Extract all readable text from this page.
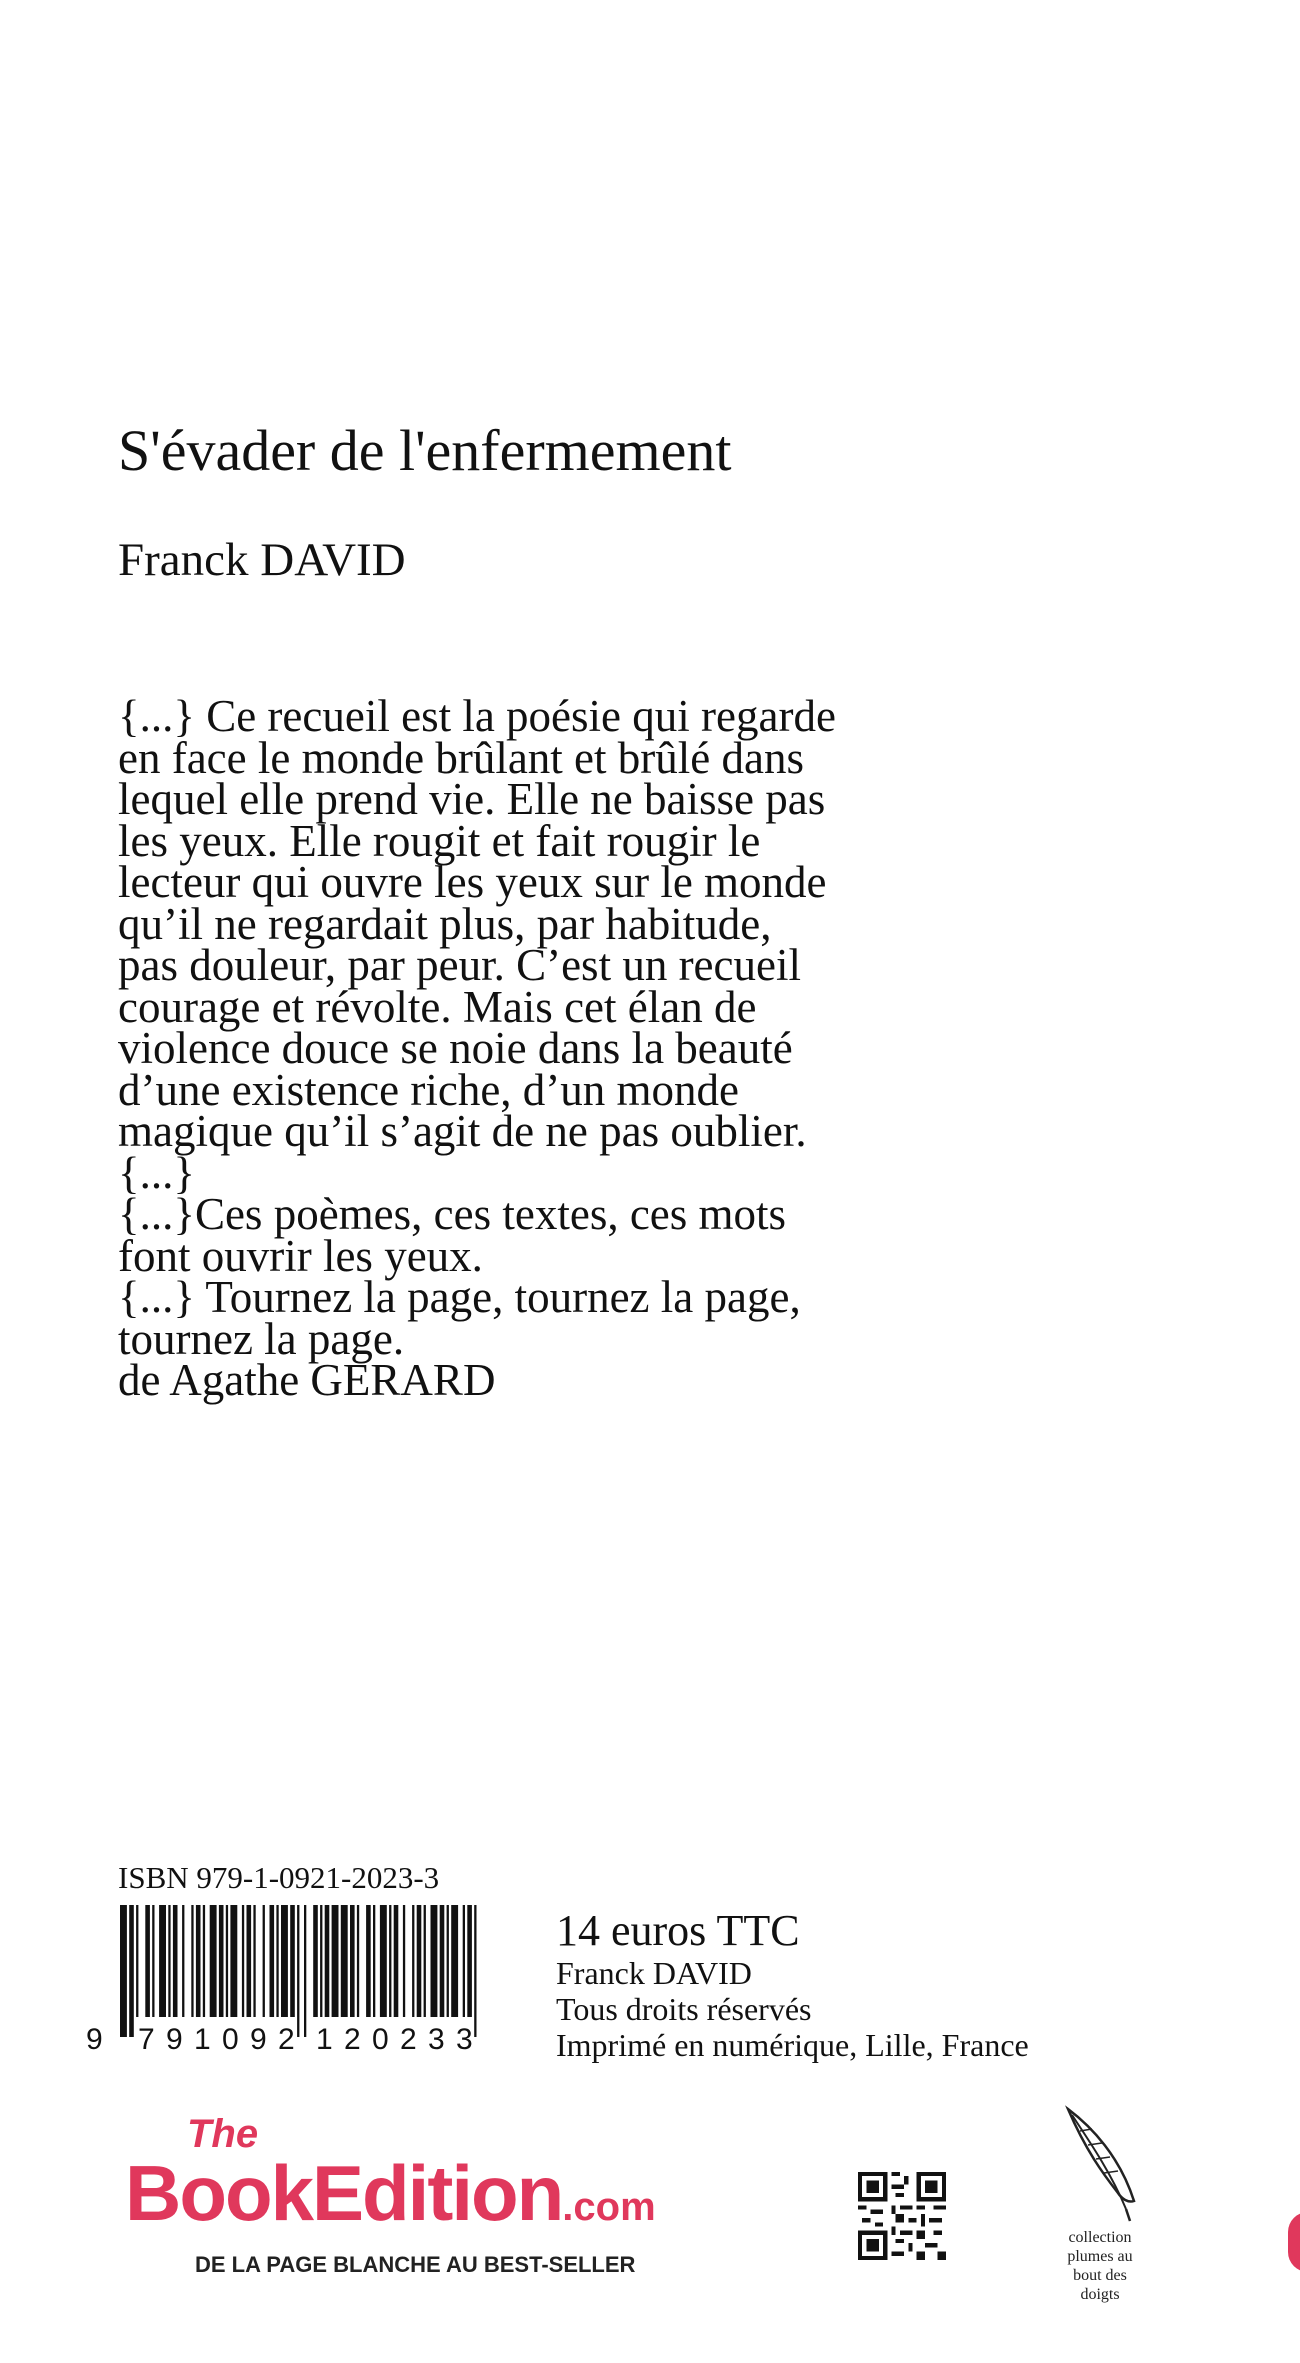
S'évader de l'enfermement
Franck DAVID
{...} Ce recueil est la poésie qui regarde
en face le monde brûlant et brûlé dans
lequel elle prend vie. Elle ne baisse pas
les yeux. Elle rougit et fait rougir le
lecteur qui ouvre les yeux sur le monde
qu’il ne regardait plus, par habitude,
pas douleur, par peur. C’est un recueil
courage et révolte. Mais cet élan de
violence douce se noie dans la beauté
d’une existence riche, d’un monde
magique qu’il s’agit de ne pas oublier.
{...}
{...}Ces poèmes, ces textes, ces mots
font ouvrir les yeux.
{...} Tournez la page, tournez la page,
tournez la page.
de Agathe GERARD
ISBN 979-1-0921-2023-3
9 7 9 1 0 9 2 1 2 0 2 3 3
14 euros TTC
Franck DAVID
Tous droits réservés
Imprimé en numérique, Lille, France
The
BookEdition.com
DE LA PAGE BLANCHE AU BEST-SELLER
collection
plumes au
bout des
doigts
